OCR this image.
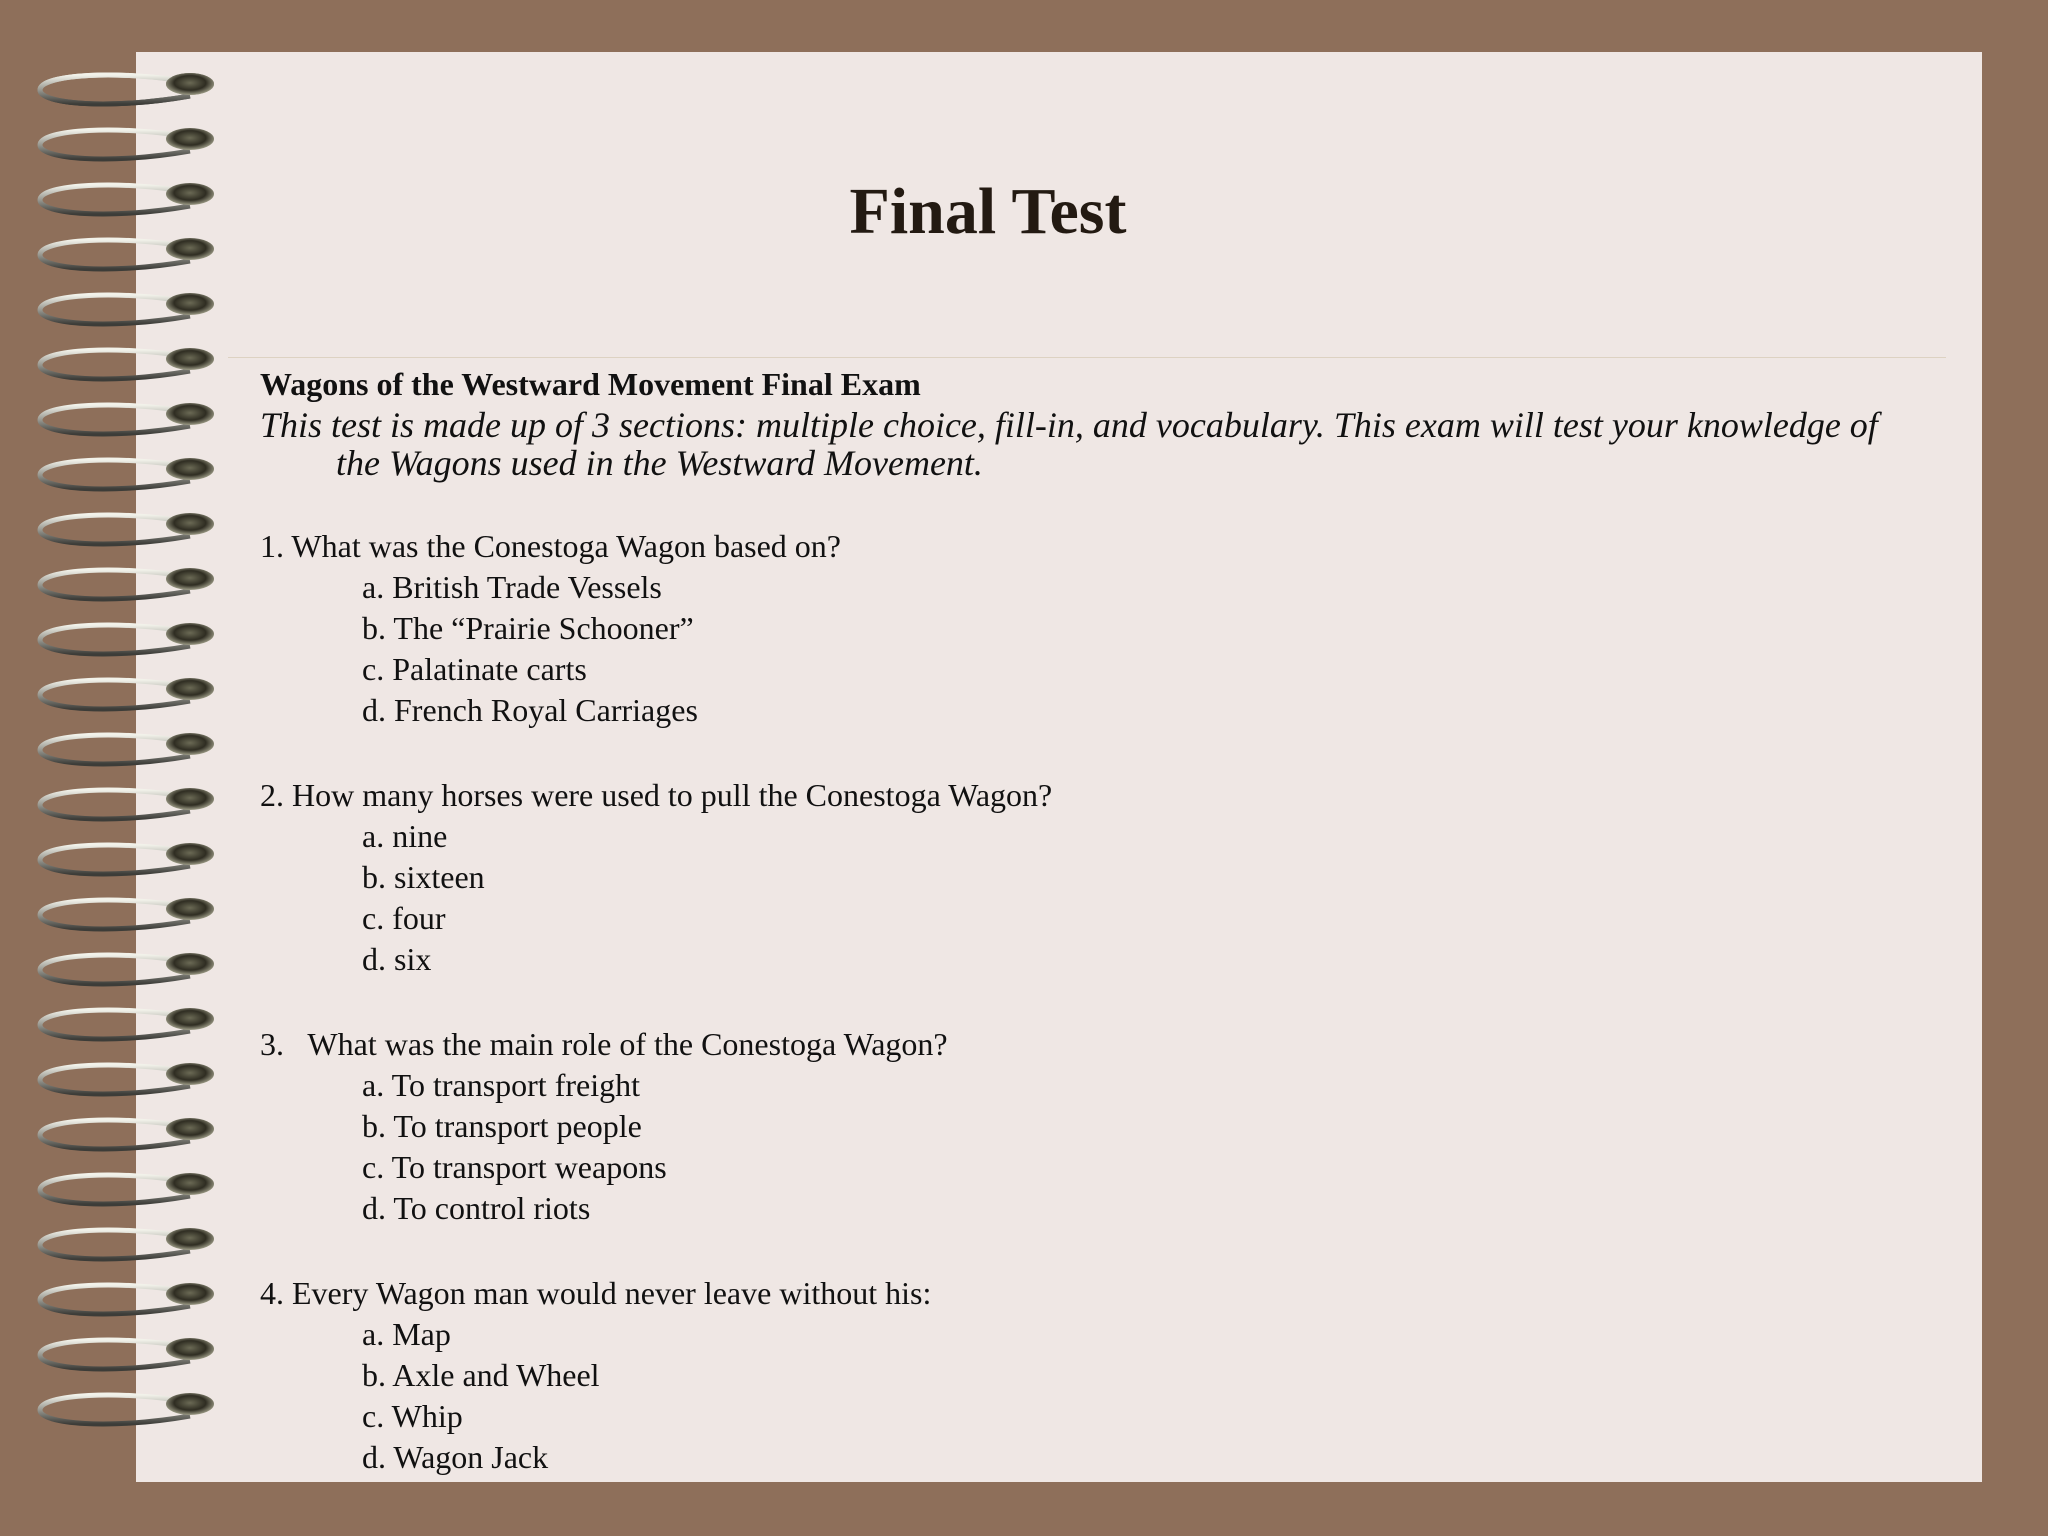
Final Test
Wagons of the Westward Movement Final Exam
This test is made up of 3 sections: multiple choice, fill-in, and vocabulary. This exam will test your knowledge of the Wagons used in the Westward Movement.
1. What was the Conestoga Wagon based on?
a. British Trade Vessels
b. The “Prairie Schooner”
c. Palatinate carts
d. French Royal Carriages
2. How many horses were used to pull the Conestoga Wagon?
a. nine
b. sixteen
c. four
d. six
3.   What was the main role of the Conestoga Wagon?
a. To transport freight
b. To transport people
c. To transport weapons
d. To control riots
4. Every Wagon man would never leave without his:
a. Map
b. Axle and Wheel
c. Whip
d. Wagon Jack
